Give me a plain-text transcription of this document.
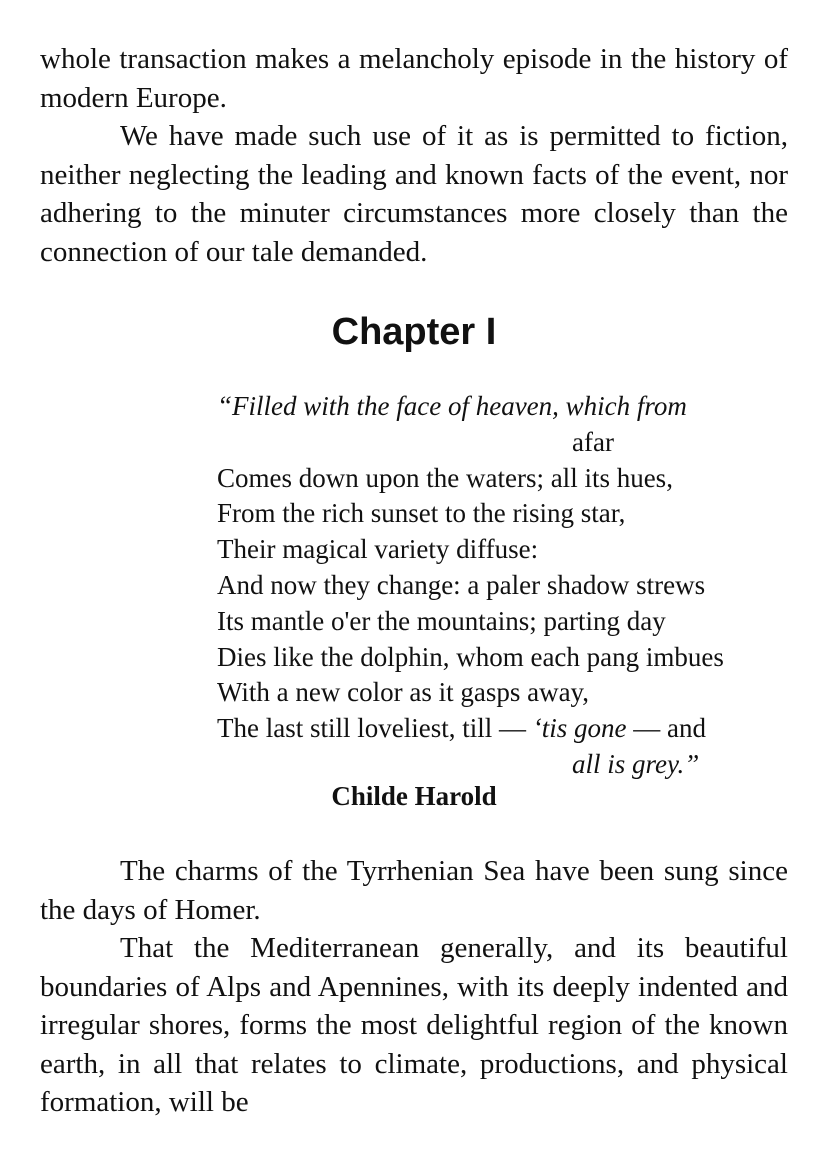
whole transaction makes a melancholy episode in the history of modern Europe.

We have made such use of it as is permitted to fiction, neither neglecting the leading and known facts of the event, nor adhering to the minuter circumstances more closely than the connection of our tale demanded.

Chapter I
“Filled with the face of heaven, which from
afar
Comes down upon the waters; all its hues,
From the rich sunset to the rising star,
Their magical variety diffuse:
And now they change: a paler shadow strews
Its mantle o'er the mountains; parting day
Dies like the dolphin, whom each pang imbues
With a new color as it gasps away,
The last still loveliest, till — ‘tis gone — and
all is grey.”

Childe Harold

The charms of the Tyrrhenian Sea have been sung since the days of Homer.

That the Mediterranean generally, and its beautiful boundaries of Alps and Apennines, with its deeply indented and irregular shores, forms the most delightful region of the known earth, in all that relates to climate, productions, and physical formation, will be
